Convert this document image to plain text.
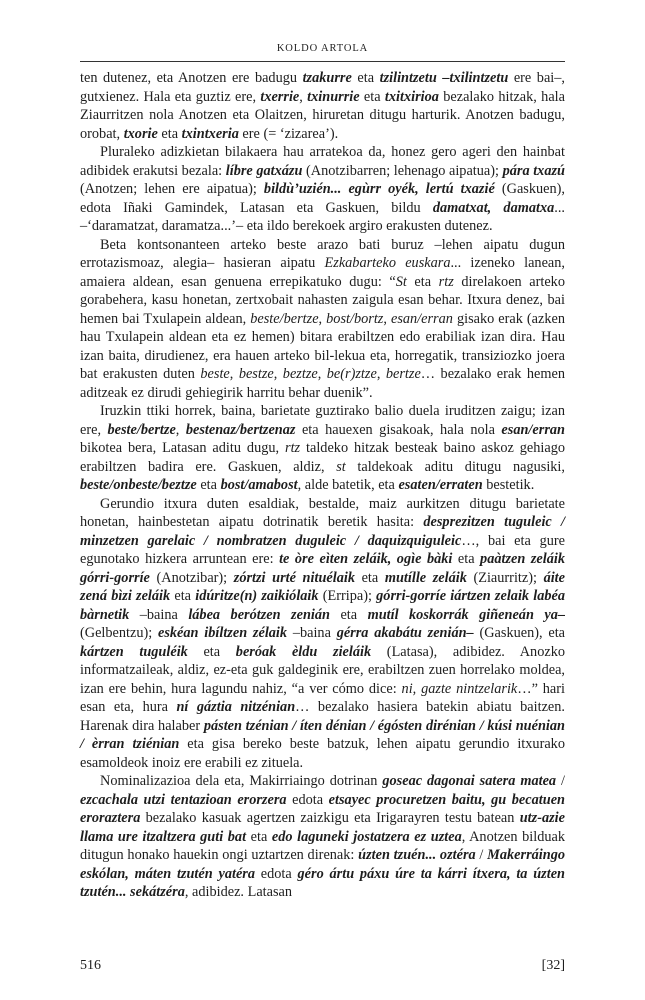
KOLDO ARTOLA

ten dutenez, eta Anotzen ere badugu tzakurre eta tzilintzetu –txilintzetu ere bai–, gutxienez. Hala eta guztiz ere, txerrie, txinurrie eta txitxirioa bezalako hitzak, hala Ziaurritzen nola Anotzen eta Olaitzen, hiruretan ditugu harturik. Anotzen badugu, orobat, txorie eta txintxeria ere (= ‘zizarea’).

Pluraleko adizkietan bilakaera hau arratekoa da, honez gero ageri den hainbat adibidek erakutsi bezala: líbre gatxázu (Anotzibarren; lehenago aipatua); pára txazú (Anotzen; lehen ere aipatua); bildù’uzién... egùrr oyék, lertú txazié (Gaskuen), edota Iñaki Gamindek, Latasan eta Gaskuen, bildu damatxat, damatxa... –‘daramatzat, daramatza...’– eta ildo berekoek argiro erakusten dutenez.

Beta kontsonanteen arteko beste arazo bati buruz –lehen aipatu dugun errotazismoaz, alegia– hasieran aipatu Ezkabarteko euskara... izeneko lanean, amaiera aldean, esan genuena errepikatuko dugu: “St eta rtz direlakoen arteko gorabehera, kasu honetan, zertxobait nahasten zaigula esan behar. Itxura denez, bai hemen bai Txulapein aldean, beste/bertze, bost/bortz, esan/erran gisako erak (azken hau Txulapein aldean eta ez hemen) bitara erabiltzen edo erabiliak izan dira. Hau izan baita, dirudienez, era hauen arteko bil-lekua eta, horregatik, transiziozko joera bat erakusten duten beste, bestze, beztze, be(r)ztze, bertze… bezalako erak hemen aditzeak ez dirudi gehiegirik harritu behar duenik”.

Iruzkin ttiki horrek, baina, barietate guztirako balio duela iruditzen zaigu; izan ere, beste/bertze, bestenaz/bertzenaz eta hauexen gisakoak, hala nola esan/erran bikotea bera, Latasan aditu dugu, rtz taldeko hitzak besteak baino askoz gehiago erabiltzen badira ere. Gaskuen, aldiz, st taldekoak aditu ditugu nagusiki, beste/onbeste/beztze eta bost/amabost, alde batetik, eta esaten/erraten bestetik.

Gerundio itxura duten esaldiak, bestalde, maiz aurkitzen ditugu barietate honetan, hainbestetan aipatu dotrinatik beretik hasita: desprezitzen tuguleic / minzetzen garelaic / nombratzen duguleic / daquizquiguleic…, bai eta gure egunotako hizkera arruntean ere: te òre eìten zeláik, ogìe bàki eta paàtzen zeláik górri-gorríe (Anotzibar); zórtzi urté nituélaik eta mutílle zeláik (Ziaurritz); áite zená bìzi zeláik eta idúritze(n) zaikiólaik (Erripa); górri-gorríe iártzen zelaik labéa bàrnetik –baina lábea berótzen zenián eta mutíl koskorrák giñeneán ya– (Gelbentzu); eskéan ibíltzen zélaik –baina gérra akabátu zenián– (Gaskuen), eta kártzen tuguléik eta beróak èldu zieláik (Latasa), adibidez. Anozko informatzaileak, aldiz, ez-eta guk galdeginik ere, erabiltzen zuen horrelako moldea, izan ere behin, hura lagundu nahiz, “a ver cómo dice: ni, gazte nintzelarik…” hari esan eta, hura ní gáztia nitzénian… bezalako hasiera batekin abiatu baitzen. Harenak dira halaber pásten tzénian / íten dénian / égósten dirénian / kúsi nuénian / èrran tziénian eta gisa bereko beste batzuk, lehen aipatu gerundio itxurako esamoldeok inoiz ere erabili ez zituela.

Nominalizazioa dela eta, Makirriaingo dotrinan goseac dagonai satera matea / ezcachala utzi tentazioan erorzera edota etsayec procuretzen baitu, gu becatuen eroraztera bezalako kasuak agertzen zaizkigu eta Irigarayren testu batean utz-azie llama ure itzaltzera guti bat eta edo laguneki jostatzera ez uztea, Anotzen bilduak ditugun honako hauekin ongi uztartzen direnak: úzten tzuén... oztéra / Makerráingo eskólan, máten tzutén yatéra edota géro ártu páxu úre ta kárri ítxera, ta úzten tzutén... sekátzéra, adibidez. Latasan

516	[32]
